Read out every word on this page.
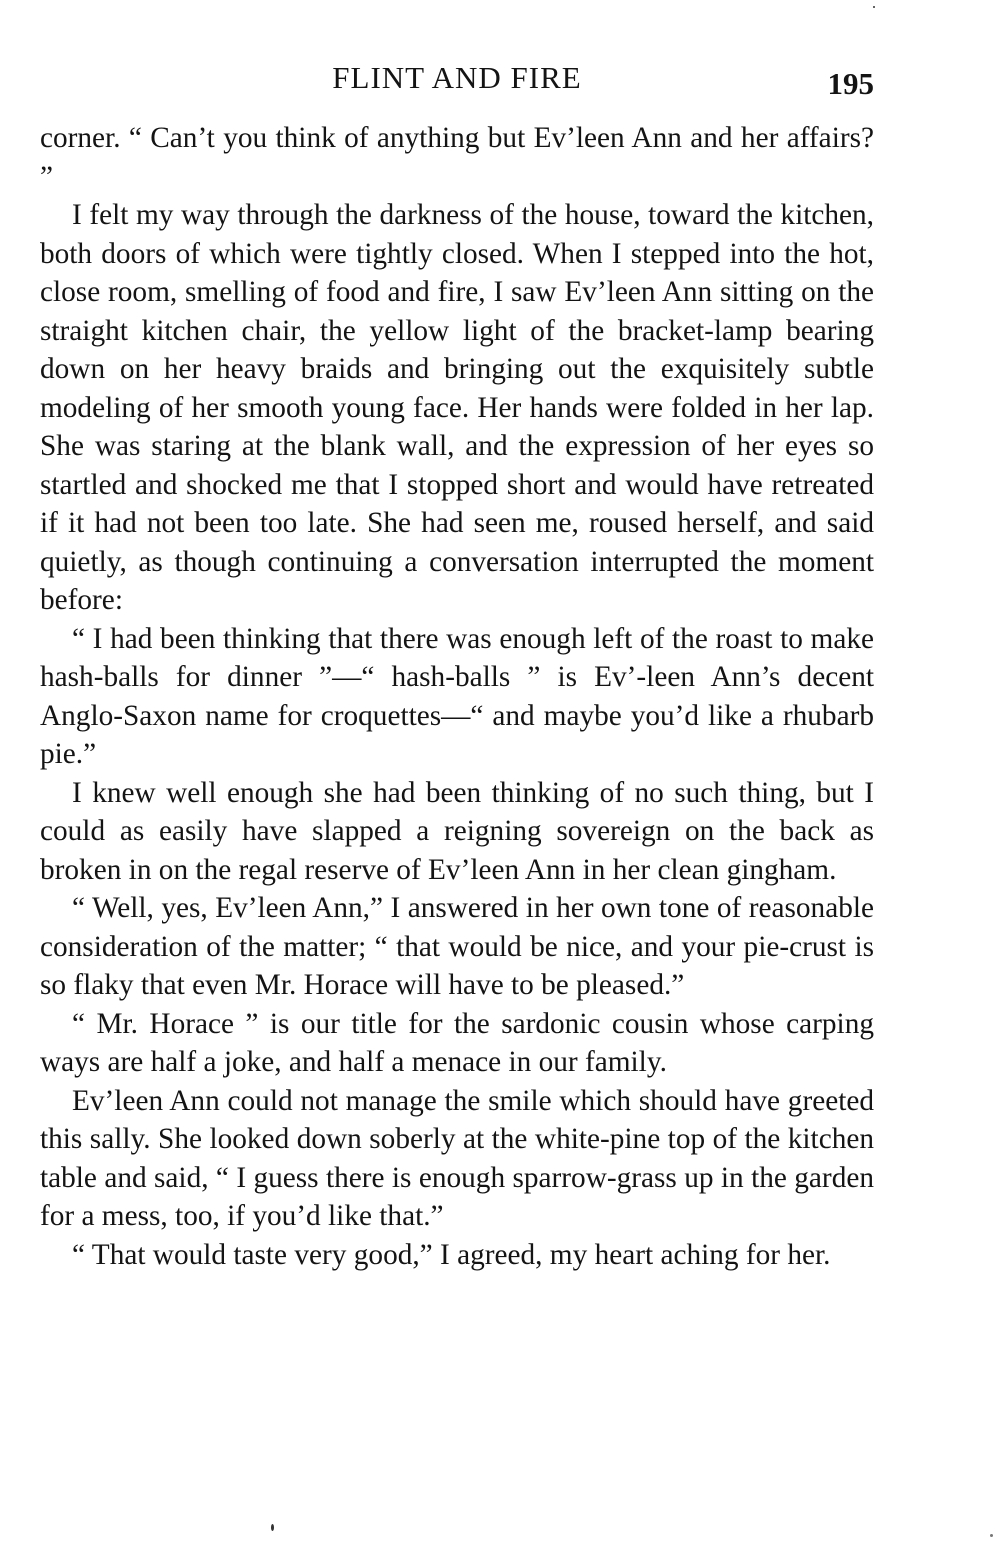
FLINT AND FIRE	195

corner. “ Can’t you think of anything but Ev’leen Ann and her affairs? ”

I felt my way through the darkness of the house, toward the kitchen, both doors of which were tightly closed. When I stepped into the hot, close room, smelling of food and fire, I saw Ev’leen Ann sitting on the straight kitchen chair, the yellow light of the bracket-lamp bearing down on her heavy braids and bringing out the exquisitely subtle modeling of her smooth young face. Her hands were folded in her lap. She was staring at the blank wall, and the expression of her eyes so startled and shocked me that I stopped short and would have retreated if it had not been too late. She had seen me, roused herself, and said quietly, as though continuing a conversation interrupted the moment before:

“ I had been thinking that there was enough left of the roast to make hash-balls for dinner ”—“ hash-balls ” is Ev’-leen Ann’s decent Anglo-Saxon name for croquettes—“ and maybe you’d like a rhubarb pie.”

I knew well enough she had been thinking of no such thing, but I could as easily have slapped a reigning sovereign on the back as broken in on the regal reserve of Ev’leen Ann in her clean gingham.

“ Well, yes, Ev’leen Ann,” I answered in her own tone of reasonable consideration of the matter; “ that would be nice, and your pie-crust is so flaky that even Mr. Horace will have to be pleased.”

“ Mr. Horace ” is our title for the sardonic cousin whose carping ways are half a joke, and half a menace in our family.

Ev’leen Ann could not manage the smile which should have greeted this sally. She looked down soberly at the white-pine top of the kitchen table and said, “ I guess there is enough sparrow-grass up in the garden for a mess, too, if you’d like that.”

“ That would taste very good,” I agreed, my heart aching for her.
